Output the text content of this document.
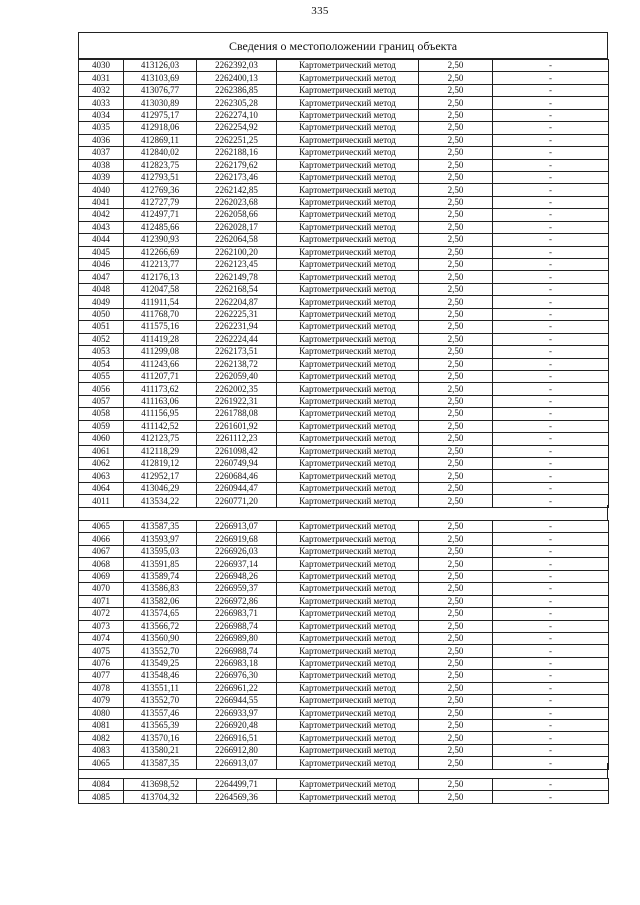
335
Сведения о местоположении границ объекта
4030	413126,03	2262392,03	Картометрический метод	2,50	-
4031	413103,69	2262400,13	Картометрический метод	2,50	-
4032	413076,77	2262386,85	Картометрический метод	2,50	-
4033	413030,89	2262305,28	Картометрический метод	2,50	-
4034	412975,17	2262274,10	Картометрический метод	2,50	-
4035	412918,06	2262254,92	Картометрический метод	2,50	-
4036	412869,11	2262251,25	Картометрический метод	2,50	-
4037	412840,02	2262188,16	Картометрический метод	2,50	-
4038	412823,75	2262179,62	Картометрический метод	2,50	-
4039	412793,51	2262173,46	Картометрический метод	2,50	-
4040	412769,36	2262142,85	Картометрический метод	2,50	-
4041	412727,79	2262023,68	Картометрический метод	2,50	-
4042	412497,71	2262058,66	Картометрический метод	2,50	-
4043	412485,66	2262028,17	Картометрический метод	2,50	-
4044	412390,93	2262064,58	Картометрический метод	2,50	-
4045	412266,69	2262100,20	Картометрический метод	2,50	-
4046	412213,77	2262123,45	Картометрический метод	2,50	-
4047	412176,13	2262149,78	Картометрический метод	2,50	-
4048	412047,58	2262168,54	Картометрический метод	2,50	-
4049	411911,54	2262204,87	Картометрический метод	2,50	-
4050	411768,70	2262225,31	Картометрический метод	2,50	-
4051	411575,16	2262231,94	Картометрический метод	2,50	-
4052	411419,28	2262224,44	Картометрический метод	2,50	-
4053	411299,08	2262173,51	Картометрический метод	2,50	-
4054	411243,66	2262138,72	Картометрический метод	2,50	-
4055	411207,71	2262059,40	Картометрический метод	2,50	-
4056	411173,62	2262002,35	Картометрический метод	2,50	-
4057	411163,06	2261922,31	Картометрический метод	2,50	-
4058	411156,95	2261788,08	Картометрический метод	2,50	-
4059	411142,52	2261601,92	Картометрический метод	2,50	-
4060	412123,75	2261112,23	Картометрический метод	2,50	-
4061	412118,29	2261098,42	Картометрический метод	2,50	-
4062	412819,12	2260749,94	Картометрический метод	2,50	-
4063	412952,17	2260684,46	Картометрический метод	2,50	-
4064	413046,29	2260944,47	Картометрический метод	2,50	-
4011	413534,22	2260771,20	Картометрический метод	2,50	-
4065	413587,35	2266913,07	Картометрический метод	2,50	-
4066	413593,97	2266919,68	Картометрический метод	2,50	-
4067	413595,03	2266926,03	Картометрический метод	2,50	-
4068	413591,85	2266937,14	Картометрический метод	2,50	-
4069	413589,74	2266948,26	Картометрический метод	2,50	-
4070	413586,83	2266959,37	Картометрический метод	2,50	-
4071	413582,06	2266972,86	Картометрический метод	2,50	-
4072	413574,65	2266983,71	Картометрический метод	2,50	-
4073	413566,72	2266988,74	Картометрический метод	2,50	-
4074	413560,90	2266989,80	Картометрический метод	2,50	-
4075	413552,70	2266988,74	Картометрический метод	2,50	-
4076	413549,25	2266983,18	Картометрический метод	2,50	-
4077	413548,46	2266976,30	Картометрический метод	2,50	-
4078	413551,11	2266961,22	Картометрический метод	2,50	-
4079	413552,70	2266944,55	Картометрический метод	2,50	-
4080	413557,46	2266933,97	Картометрический метод	2,50	-
4081	413565,39	2266920,48	Картометрический метод	2,50	-
4082	413570,16	2266916,51	Картометрический метод	2,50	-
4083	413580,21	2266912,80	Картометрический метод	2,50	-
4065	413587,35	2266913,07	Картометрический метод	2,50	-
4084	413698,52	2264499,71	Картометрический метод	2,50	-
4085	413704,32	2264569,36	Картометрический метод	2,50	-
